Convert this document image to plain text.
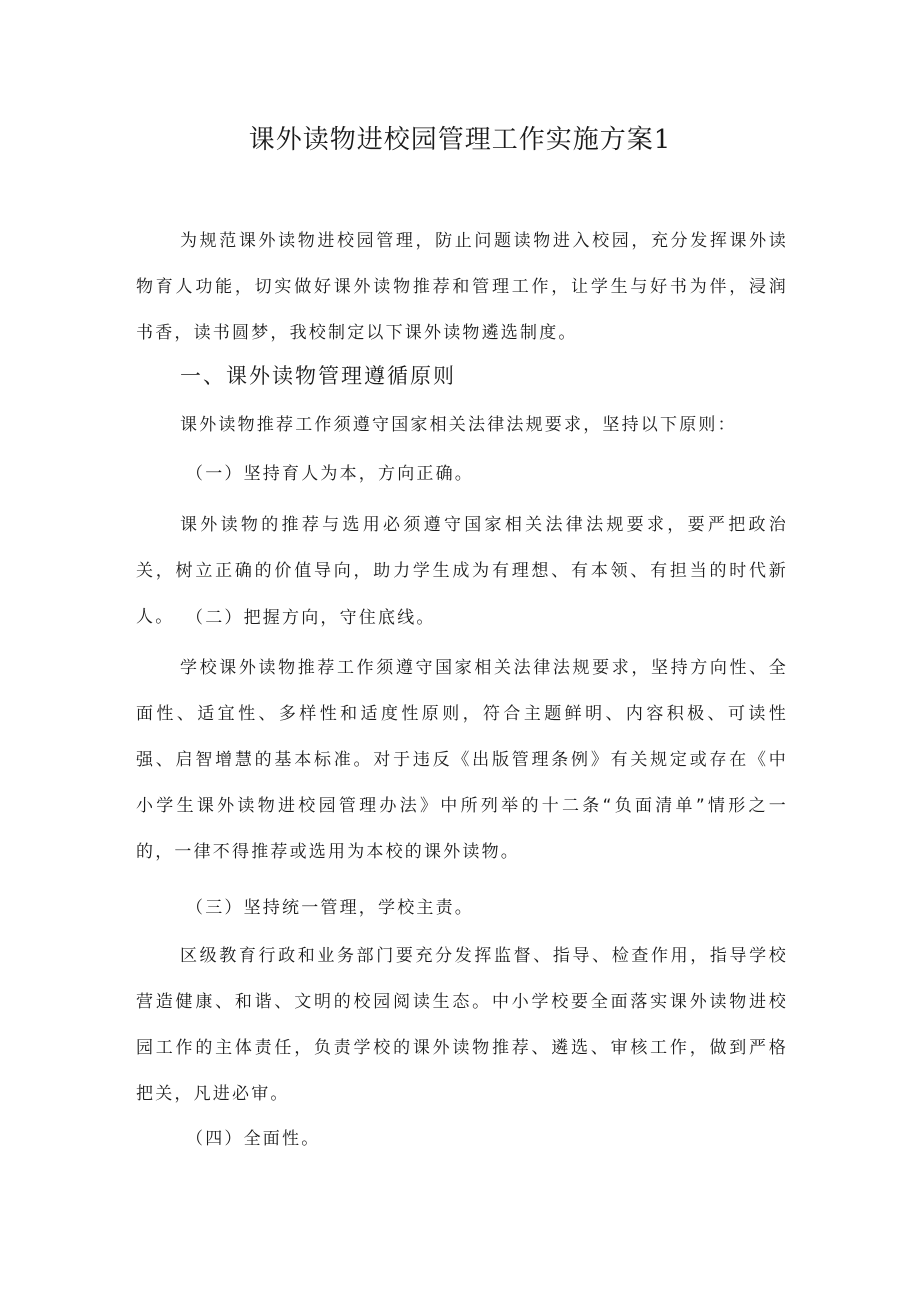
课外读物进校园管理工作实施方案1

为规范课外读物进校园管理，防止问题读物进入校园，充分发挥课外读物育人功能，切实做好课外读物推荐和管理工作，让学生与好书为伴，浸润书香，读书圆梦，我校制定以下课外读物遴选制度。

一、课外读物管理遵循原则

课外读物推荐工作须遵守国家相关法律法规要求，坚持以下原则：

（一）坚持育人为本，方向正确。

课外读物的推荐与选用必须遵守国家相关法律法规要求，要严把政治关，树立正确的价值导向，助力学生成为有理想、有本领、有担当的时代新人。 （二）把握方向，守住底线。

学校课外读物推荐工作须遵守国家相关法律法规要求，坚持方向性、全面性、适宜性、多样性和适度性原则，符合主题鲜明、内容积极、可读性强、启智增慧的基本标准。对于违反《出版管理条例》有关规定或存在《中小学生课外读物进校园管理办法》中所列举的十二条“负面清单”情形之一的，一律不得推荐或选用为本校的课外读物。

（三）坚持统一管理，学校主责。

区级教育行政和业务部门要充分发挥监督、指导、检查作用，指导学校营造健康、和谐、文明的校园阅读生态。中小学校要全面落实课外读物进校园工作的主体责任，负责学校的课外读物推荐、遴选、审核工作，做到严格把关，凡进必审。

（四）全面性。
